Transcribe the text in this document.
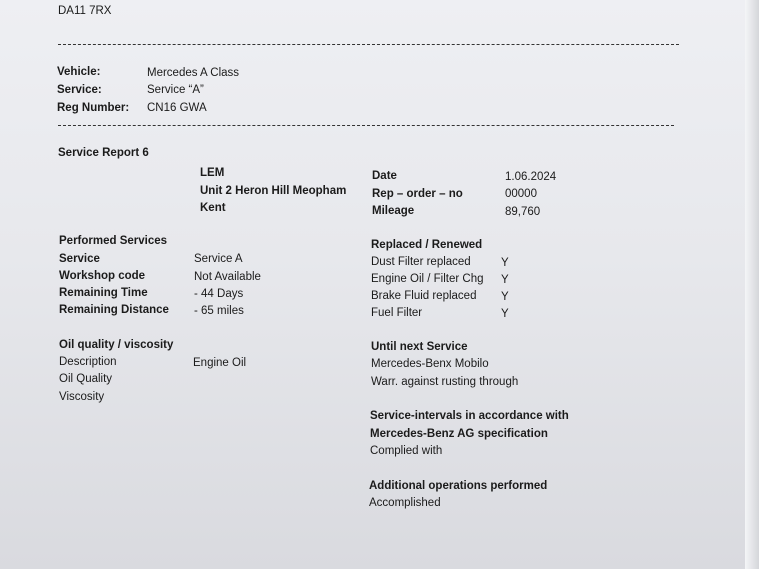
DA11 7RX
Vehicle:	Mercedes A Class
Service:	Service “A”
Reg Number: CN16 GWA
Service Report 6
LEM
Unit 2 Heron Hill Meopham
Kent
Date	1.06.2024
Rep – order – no	00000
Mileage	89,760
Performed Services
Service	Service A
Workshop code	Not Available
Remaining Time	- 44 Days
Remaining Distance - 65 miles
Replaced / Renewed
Dust Filter replaced	Y
Engine Oil / Filter Chg Y
Brake Fluid replaced Y
Fuel Filter	Y
Oil quality / viscosity
Description	Engine Oil
Oil Quality
Viscosity
Until next Service
Mercedes-Benx Mobilo
Warr. against rusting through
Service-intervals in accordance with
Mercedes-Benz AG specification
Complied with
Additional operations performed
Accomplished
